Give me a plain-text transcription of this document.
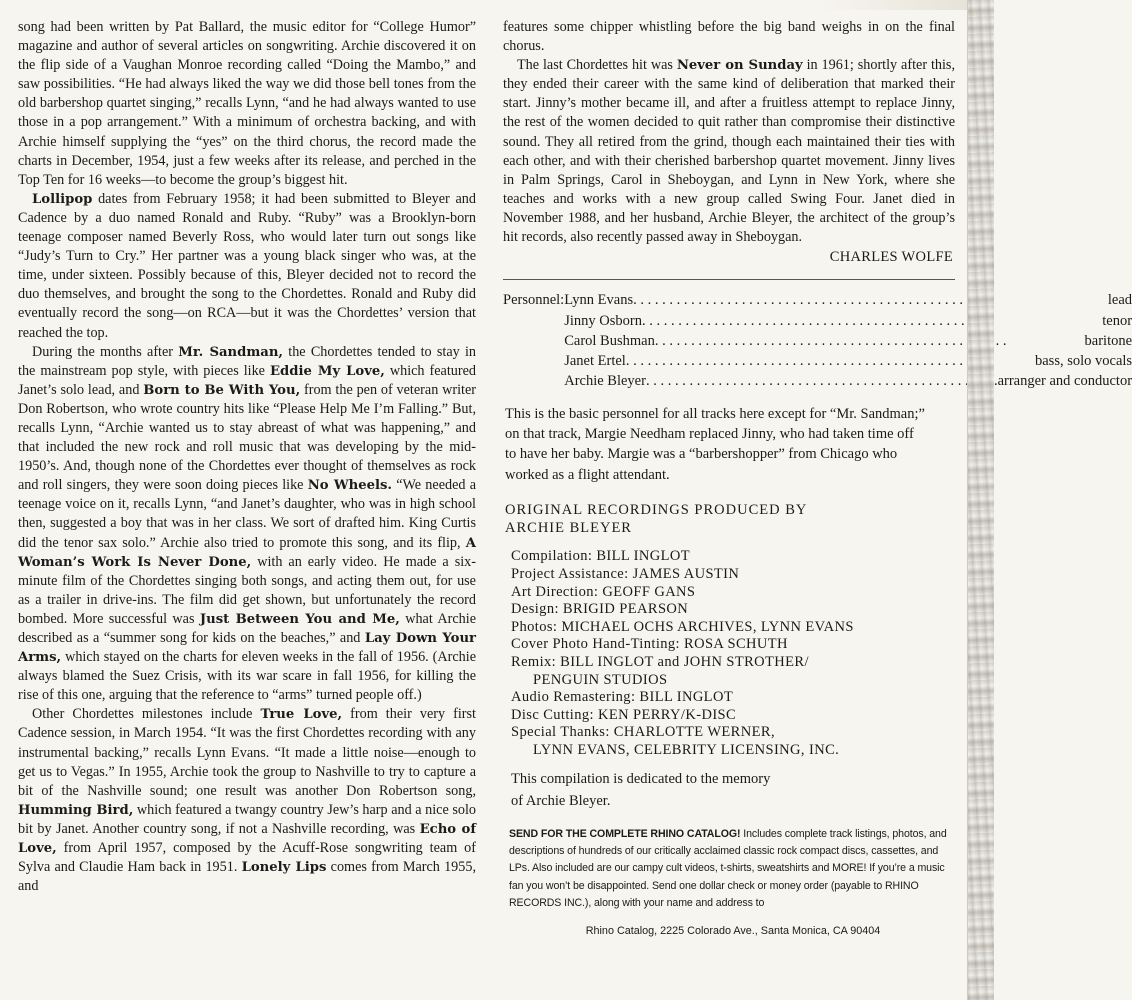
song had been written by Pat Ballard, the music editor for “College Humor” magazine and author of several articles on songwriting. Archie discovered it on the flip side of a Vaughan Monroe recording called “Doing the Mambo,” and saw possibilities. “He had always liked the way we did those bell tones from the old barbershop quartet singing,” recalls Lynn, “and he had always wanted to use those in a pop arrangement.” With a minimum of orchestra backing, and with Archie himself supplying the “yes” on the third chorus, the record made the charts in December, 1954, just a few weeks after its release, and perched in the Top Ten for 16 weeks—to become the group’s biggest hit.

Lollipop dates from February 1958; it had been submitted to Bleyer and Cadence by a duo named Ronald and Ruby. “Ruby” was a Brooklyn-born teenage composer named Beverly Ross, who would later turn out songs like “Judy’s Turn to Cry.” Her partner was a young black singer who was, at the time, under sixteen. Possibly because of this, Bleyer decided not to record the duo themselves, and brought the song to the Chordettes. Ronald and Ruby did eventually record the song—on RCA—but it was the Chordettes’ version that reached the top.

During the months after Mr. Sandman, the Chordettes tended to stay in the mainstream pop style, with pieces like Eddie My Love, which featured Janet’s solo lead, and Born to Be With You, from the pen of veteran writer Don Robertson, who wrote country hits like “Please Help Me I’m Falling.” But, recalls Lynn, “Archie wanted us to stay abreast of what was happening,” and that included the new rock and roll music that was developing by the mid-1950’s. And, though none of the Chordettes ever thought of themselves as rock and roll singers, they were soon doing pieces like No Wheels. “We needed a teenage voice on it, recalls Lynn, “and Janet’s daughter, who was in high school then, suggested a boy that was in her class. We sort of drafted him. King Curtis did the tenor sax solo.” Archie also tried to promote this song, and its flip, A Woman’s Work Is Never Done, with an early video. He made a six-minute film of the Chordettes singing both songs, and acting them out, for use as a trailer in drive-ins. The film did get shown, but unfortunately the record bombed. More successful was Just Between You and Me, what Archie described as a “summer song for kids on the beaches,” and Lay Down Your Arms, which stayed on the charts for eleven weeks in the fall of 1956. (Archie always blamed the Suez Crisis, with its war scare in fall 1956, for killing the rise of this one, arguing that the reference to “arms” turned people off.)

Other Chordettes milestones include True Love, from their very first Cadence session, in March 1954. “It was the first Chordettes recording with any instrumental backing,” recalls Lynn Evans. “It made a little noise—enough to get us to Vegas.” In 1955, Archie took the group to Nashville to try to capture a bit of the Nashville sound; one result was another Don Robertson song, Humming Bird, which featured a twangy country Jew’s harp and a nice solo bit by Janet. Another country song, if not a Nashville recording, was Echo of Love, from April 1957, composed by the Acuff-Rose songwriting team of Sylva and Claudie Ham back in 1951. Lonely Lips comes from March 1955, and

features some chipper whistling before the big band weighs in on the final chorus.

The last Chordettes hit was Never on Sunday in 1961; shortly after this, they ended their career with the same kind of deliberation that marked their start. Jinny’s mother became ill, and after a fruitless attempt to replace Jinny, the rest of the women decided to quit rather than compromise their distinctive sound. They all retired from the grind, though each maintained their ties with each other, and with their cherished barbershop quartet movement. Jinny lives in Palm Springs, Carol in Sheboygan, and Lynn in New York, where she teaches and works with a new group called Swing Four. Janet died in November 1988, and her husband, Archie Bleyer, the architect of the group’s hit records, also recently passed away in Sheboygan.

CHARLES WOLFE
Personnel:	Lynn Evans . . . lead

	Jinny Osborn . . . tenor

	Carol Bushman . . . baritone

	Janet Ertel . . . bass, solo vocals

	Archie Bleyer . . . arranger and conductor

This is the basic personnel for all tracks here except for “Mr. Sandman;” on that track, Margie Needham replaced Jinny, who had taken time off to have her baby. Margie was a “barbershopper” from Chicago who worked as a flight attendant.

ORIGINAL RECORDINGS PRODUCED BY
ARCHIE BLEYER
Compilation: BILL INGLOT
Project Assistance: JAMES AUSTIN
Art Direction: GEOFF GANS
Design: BRIGID PEARSON
Photos: MICHAEL OCHS ARCHIVES, LYNN EVANS
Cover Photo Hand-Tinting: ROSA SCHUTH
Remix: BILL INGLOT and JOHN STROTHER/
PENGUIN STUDIOS
Audio Remastering: BILL INGLOT
Disc Cutting: KEN PERRY/K-DISC
Special Thanks: CHARLOTTE WERNER,
LYNN EVANS, CELEBRITY LICENSING, INC.
This compilation is dedicated to the memory
of Archie Bleyer.
SEND FOR THE COMPLETE RHINO CATALOG! Includes complete track listings, photos, and descriptions of hundreds of our critically acclaimed classic rock compact discs, cassettes, and LPs. Also included are our campy cult videos, t-shirts, sweatshirts and MORE! If you’re a music fan you won’t be disappointed. Send one dollar check or money order (payable to RHINO RECORDS INC.), along with your name and address to
Rhino Catalog, 2225 Colorado Ave., Santa Monica, CA 90404
